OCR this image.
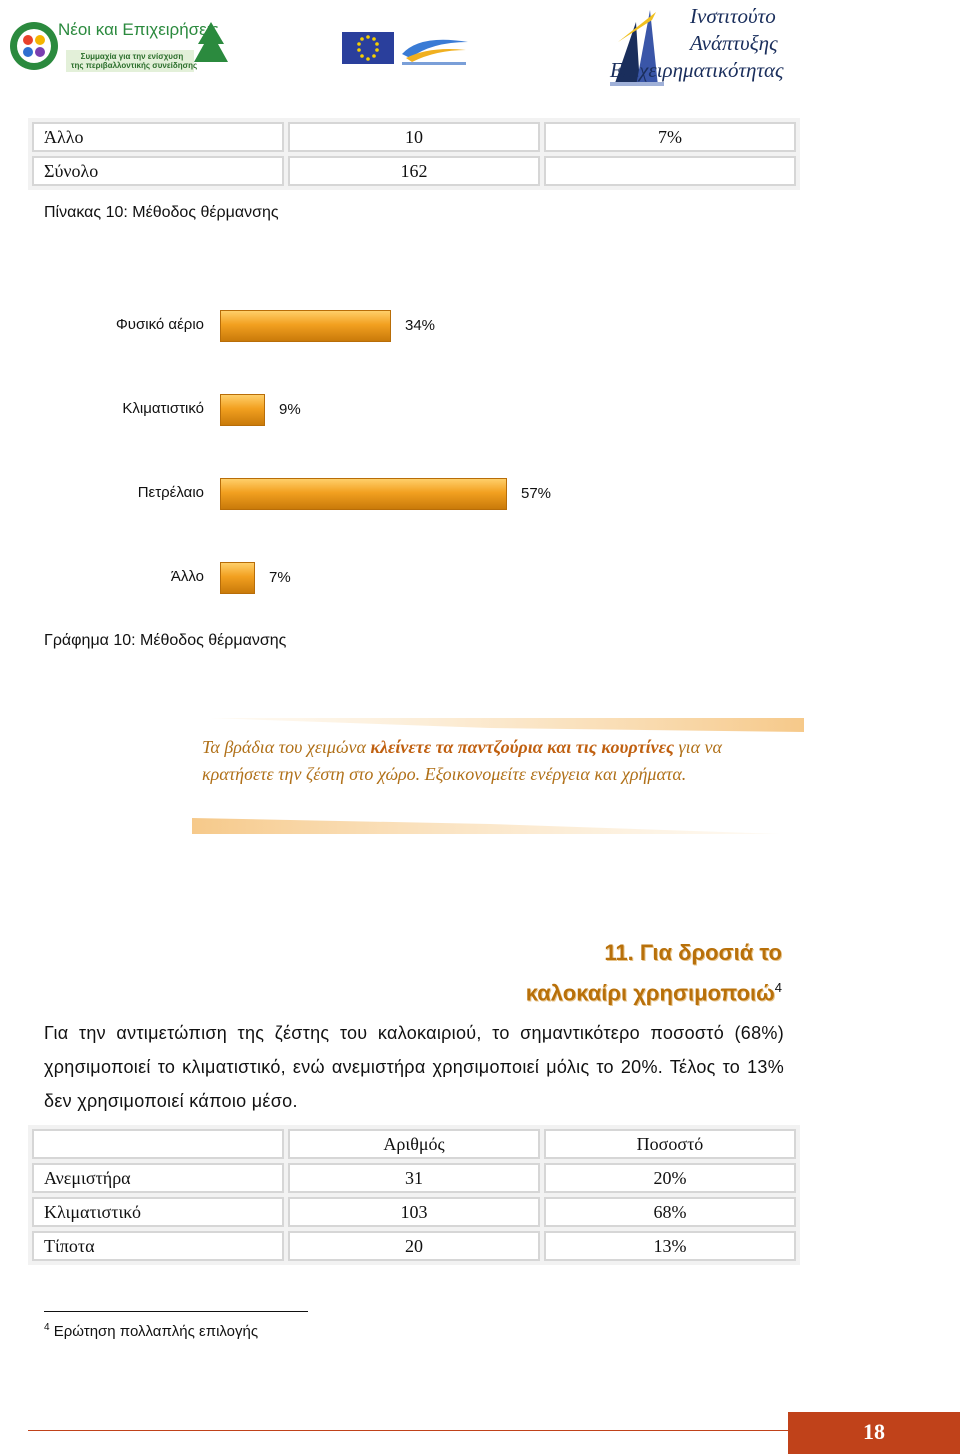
Νέοι και Επιχειρήσεις
Συμμαχία για την ενίσχυση
της περιβαλλοντικής συνείδησης
Ινστιτούτο
Ανάπτυξης
Επιχειρηματικότητας
Άλλο	10	7%
Σύνολο	162	
Πίνακας 10: Μέθοδος θέρμανσης
Φυσικό αέριο	34%
Κλιματιστικό	9%
Πετρέλαιο	57%
Άλλο	7%
Γράφημα 10: Μέθοδος θέρμανσης
Τα βράδια του χειμώνα κλείνετε τα παντζούρια και τις κουρτίνες για να κρατήσετε την ζέστη στο χώρο. Εξοικονομείτε ενέργεια και χρήματα.
11. Για δροσιά το
καλοκαίρι χρησιμοποιώ$^4$
Για την αντιμετώπιση της ζέστης του καλοκαιριού, το σημαντικότερο ποσοστό (68%) χρησιμοποιεί το κλιματιστικό, ενώ ανεμιστήρα χρησιμοποιεί μόλις το 20%. Τέλος το 13% δεν χρησιμοποιεί κάποιο μέσο.
	Αριθμός	Ποσοστό
Ανεμιστήρα	31	20%
Κλιματιστικό	103	68%
Τίποτα	20	13%
$^4$ Ερώτηση πολλαπλής επιλογής
18
